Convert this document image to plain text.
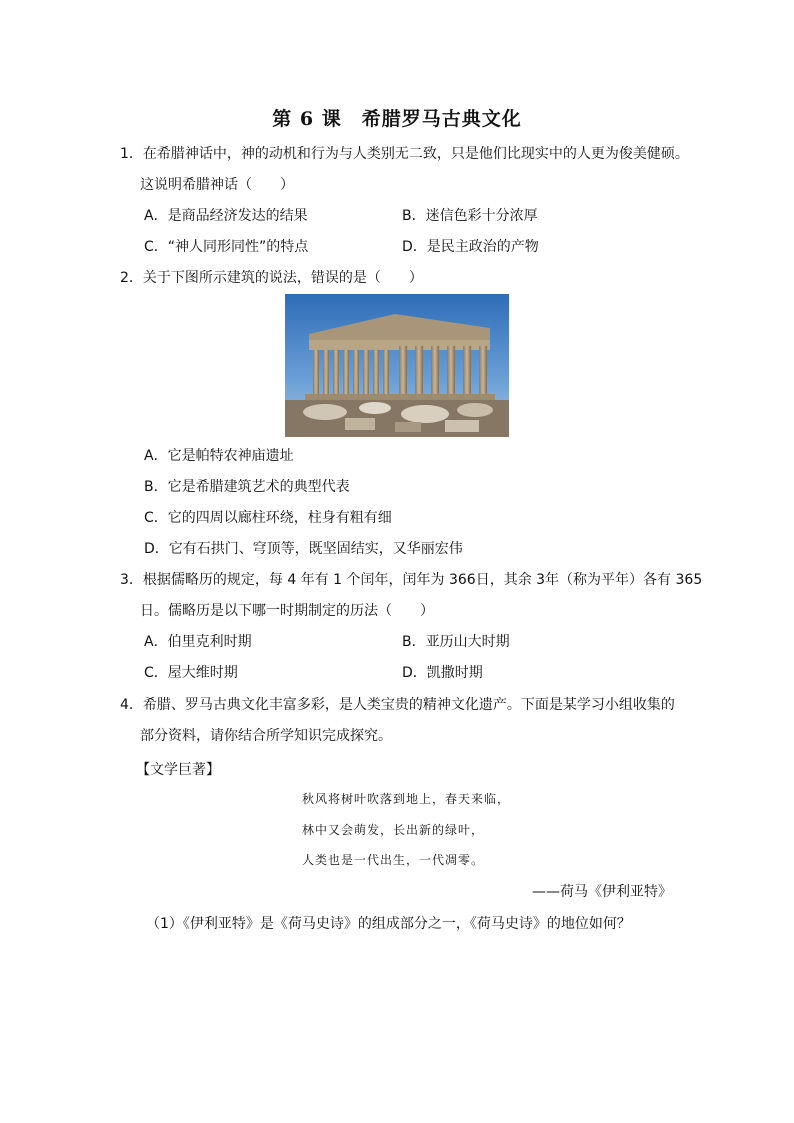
第 6 课　希腊罗马古典文化
1．在希腊神话中，神的动机和行为与人类别无二致，只是他们比现实中的人更为俊美健硕。
这说明希腊神话（　　）
A．是商品经济发达的结果	B．迷信色彩十分浓厚
C．“神人同形同性”的特点	D．是民主政治的产物
2．关于下图所示建筑的说法，错误的是（　　）
A．它是帕特农神庙遗址
B．它是希腊建筑艺术的典型代表
C．它的四周以廊柱环绕，柱身有粗有细
D．它有石拱门、穹顶等，既坚固结实，又华丽宏伟
3．根据儒略历的规定，每 4 年有 1 个闰年，闰年为 366日，其余 3年（称为平年）各有 365
日。儒略历是以下哪一时期制定的历法（　　）
A．伯里克利时期	B．亚历山大时期
C．屋大维时期	D．凯撒时期
4．希腊、罗马古典文化丰富多彩，是人类宝贵的精神文化遗产。下面是某学习小组收集的
部分资料，请你结合所学知识完成探究。
【文学巨著】
秋风将树叶吹落到地上，春天来临，
林中又会萌发，长出新的绿叶，
人类也是一代出生，一代凋零。
——荷马《伊利亚特》
（1）《伊利亚特》是《荷马史诗》的组成部分之一，《荷马史诗》的地位如何？
